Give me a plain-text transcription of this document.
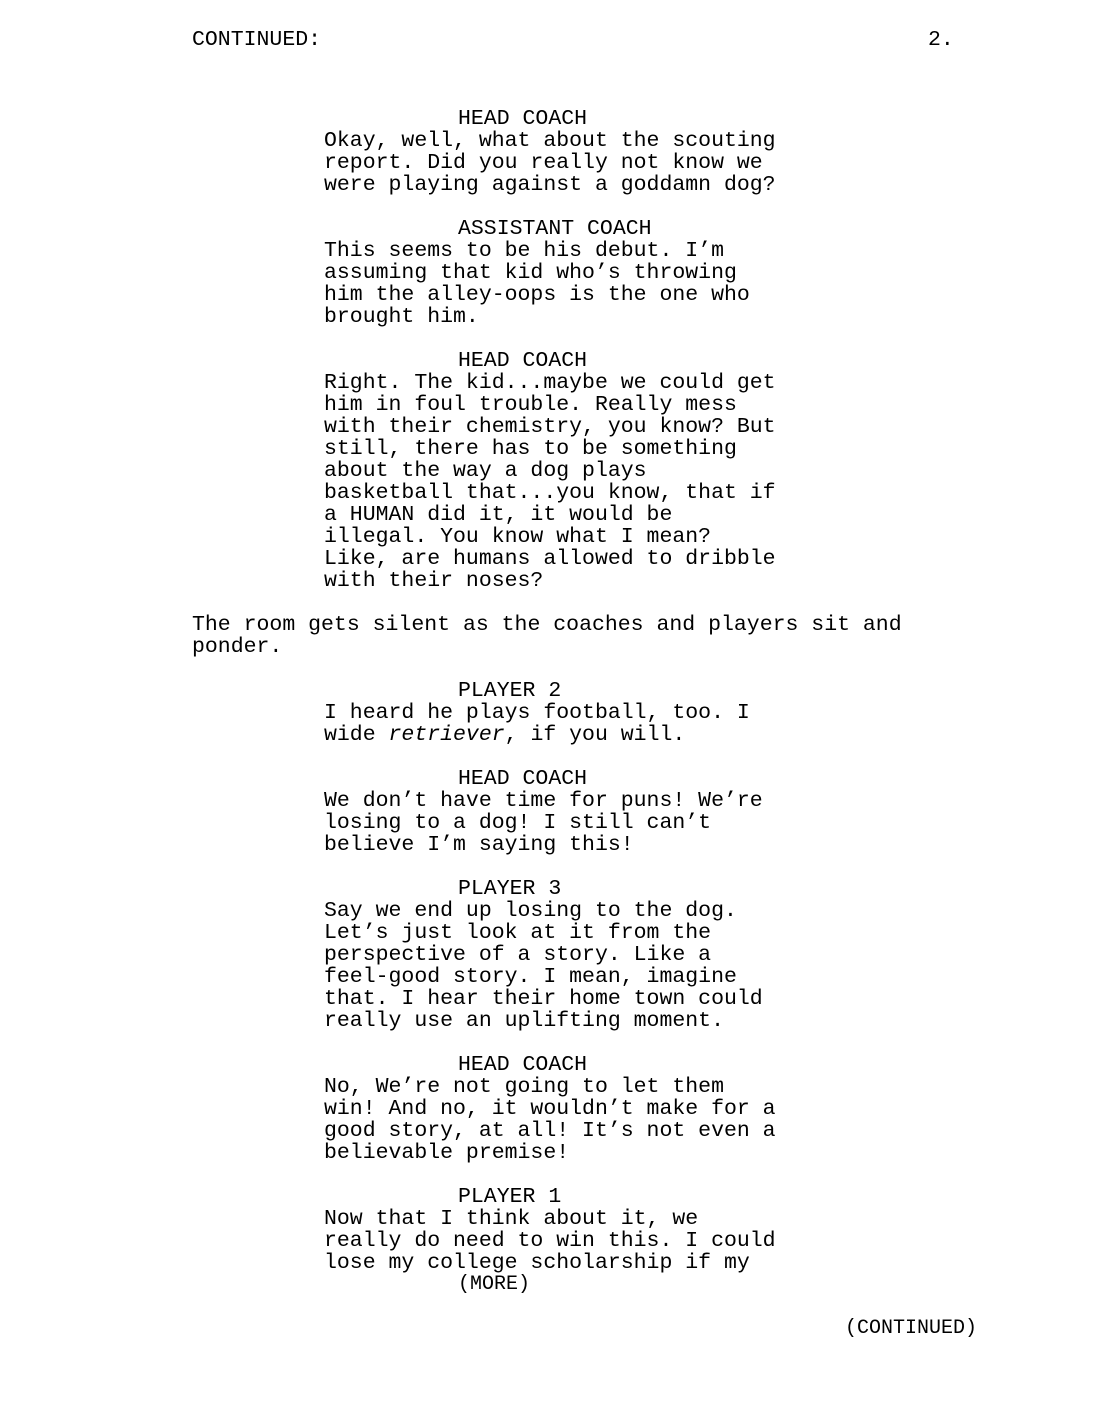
CONTINUED:	2.
HEAD COACH
Okay, well, what about the scouting
report. Did you really not know we
were playing against a goddamn dog?
ASSISTANT COACH
This seems to be his debut. I’m
assuming that kid who’s throwing
him the alley-oops is the one who
brought him.
HEAD COACH
Right. The kid...maybe we could get
him in foul trouble. Really mess
with their chemistry, you know? But
still, there has to be something
about the way a dog plays
basketball that...you know, that if
a HUMAN did it, it would be
illegal. You know what I mean?
Like, are humans allowed to dribble
with their noses?
The room gets silent as the coaches and players sit and
ponder.
PLAYER 2
I heard he plays football, too. I
wide retriever, if you will.
HEAD COACH
We don’t have time for puns! We’re
losing to a dog! I still can’t
believe I’m saying this!
PLAYER 3
Say we end up losing to the dog.
Let’s just look at it from the
perspective of a story. Like a
feel-good story. I mean, imagine
that. I hear their home town could
really use an uplifting moment.
HEAD COACH
No, We’re not going to let them
win! And no, it wouldn’t make for a
good story, at all! It’s not even a
believable premise!
PLAYER 1
Now that I think about it, we
really do need to win this. I could
lose my college scholarship if my
(MORE)
(CONTINUED)
